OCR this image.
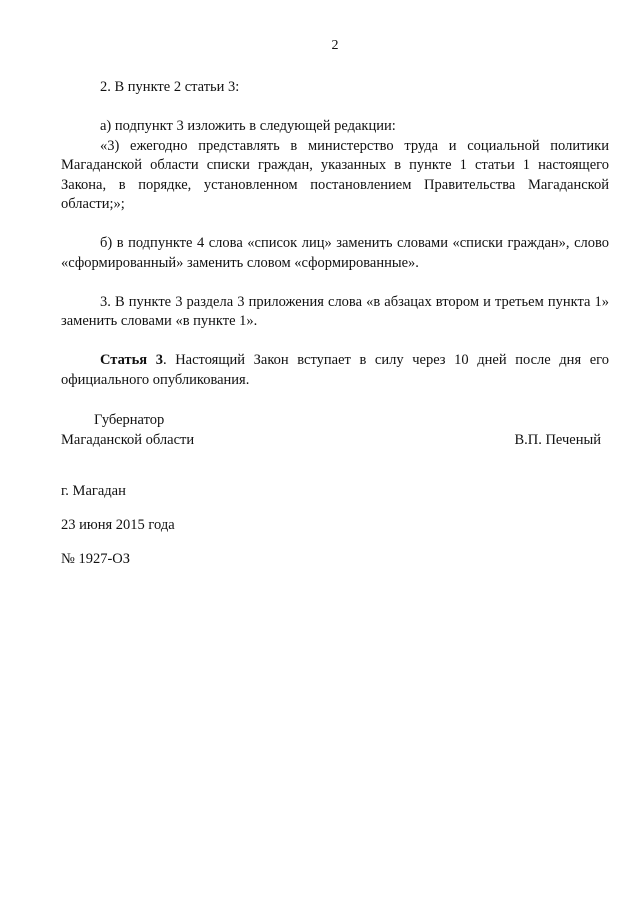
2

2. В пункте 2 статьи 3:

а) подпункт 3 изложить в следующей редакции:

«3) ежегодно представлять в министерство труда и социальной политики Магаданской области списки граждан, указанных в пункте 1 статьи 1 настоящего Закона, в порядке, установленном постановлением Правительства Магаданской области;»;

б) в подпункте 4 слова «список лиц» заменить словами «списки граждан», слово «сформированный» заменить словом «сформированные».

3. В пункте 3 раздела 3 приложения слова «в абзацах втором и третьем пункта 1» заменить словами «в пункте 1».

Статья 3. Настоящий Закон вступает в силу через 10 дней после дня его официального опубликования.

Губернатор
Магаданской области	В.П. Печеный
г. Магадан
23 июня 2015 года
№ 1927-ОЗ
